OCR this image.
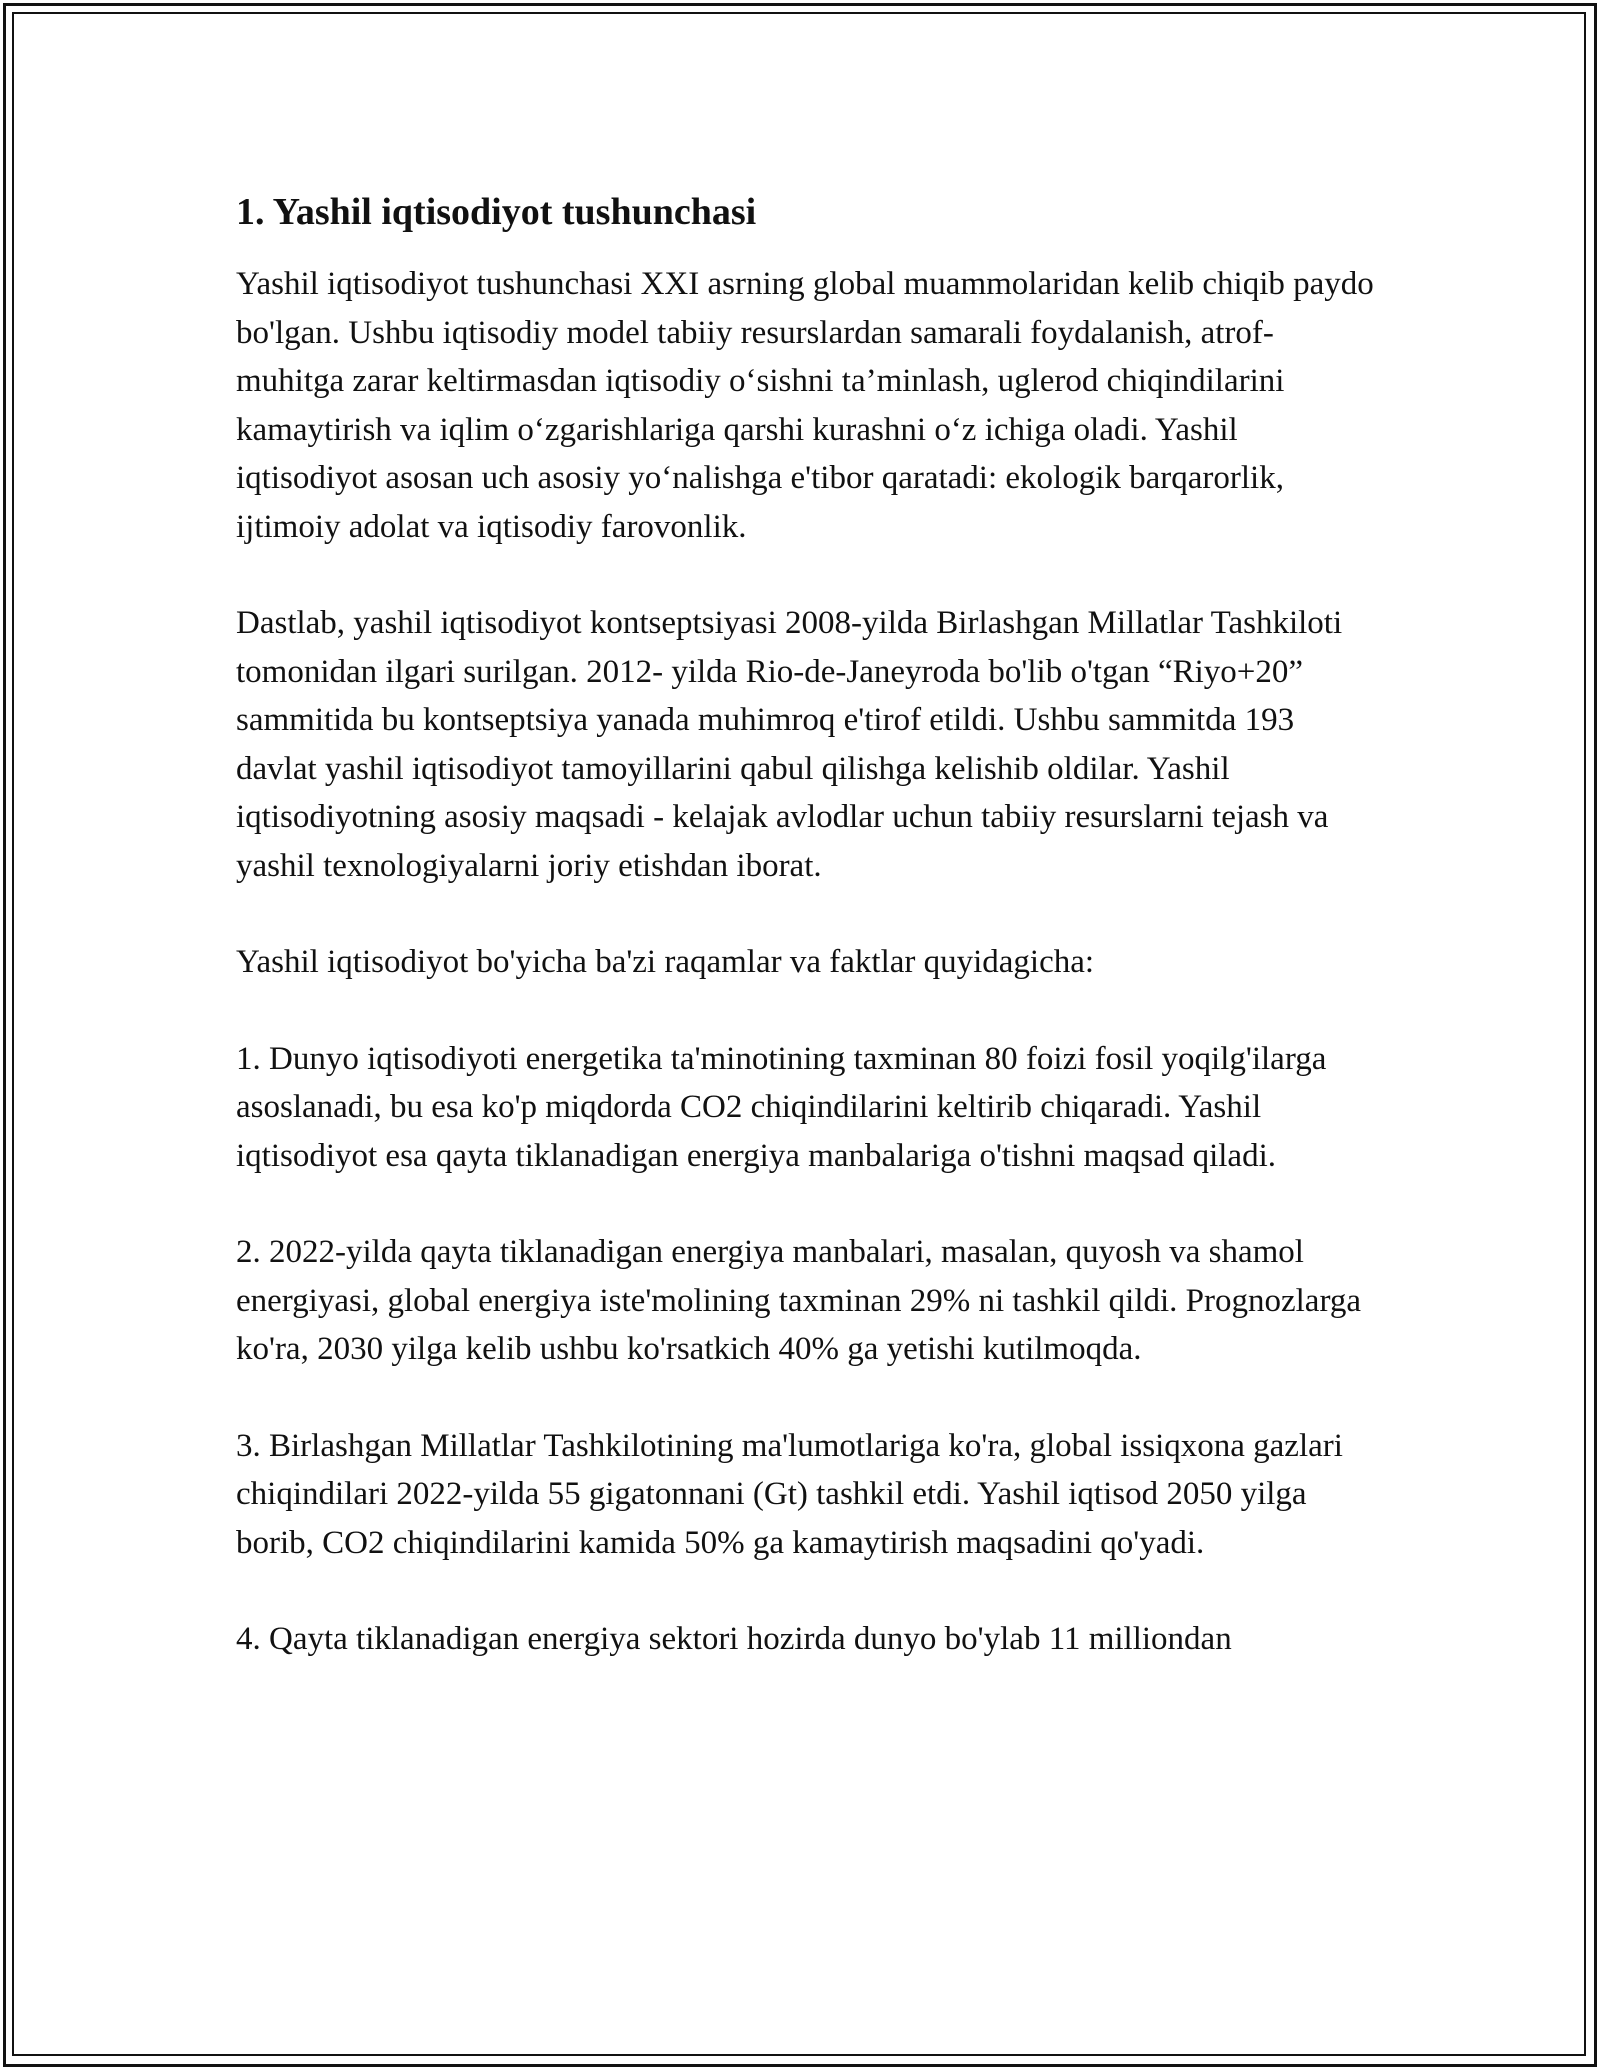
1. Yashil iqtisodiyot tushunchasi

Yashil iqtisodiyot tushunchasi XXI asrning global muammolaridan kelib chiqib paydo bo'lgan. Ushbu iqtisodiy model tabiiy resurslardan samarali foydalanish, atrof-muhitga zarar keltirmasdan iqtisodiy o‘sishni ta’minlash, uglerod chiqindilarini kamaytirish va iqlim o‘zgarishlariga qarshi kurashni o‘z ichiga oladi. Yashil iqtisodiyot asosan uch asosiy yo‘nalishga e'tibor qaratadi: ekologik barqarorlik, ijtimoiy adolat va iqtisodiy farovonlik.

Dastlab, yashil iqtisodiyot kontseptsiyasi 2008-yilda Birlashgan Millatlar Tashkiloti tomonidan ilgari surilgan. 2012- yilda Rio-de-Janeyroda bo'lib o'tgan “Riyo+20” sammitida bu kontseptsiya yanada muhimroq e'tirof etildi. Ushbu sammitda 193 davlat yashil iqtisodiyot tamoyillarini qabul qilishga kelishib oldilar. Yashil iqtisodiyotning asosiy maqsadi - kelajak avlodlar uchun tabiiy resurslarni tejash va yashil texnologiyalarni joriy etishdan iborat.

Yashil iqtisodiyot bo'yicha ba'zi raqamlar va faktlar quyidagicha:

1. Dunyo iqtisodiyoti energetika ta'minotining taxminan 80 foizi fosil yoqilg'ilarga asoslanadi, bu esa ko'p miqdorda CO2 chiqindilarini keltirib chiqaradi. Yashil iqtisodiyot esa qayta tiklanadigan energiya manbalariga o'tishni maqsad qiladi.

2. 2022-yilda qayta tiklanadigan energiya manbalari, masalan, quyosh va shamol energiyasi, global energiya iste'molining taxminan 29% ni tashkil qildi. Prognozlarga ko'ra, 2030 yilga kelib ushbu ko'rsatkich 40% ga yetishi kutilmoqda.

3. Birlashgan Millatlar Tashkilotining ma'lumotlariga ko'ra, global issiqxona gazlari chiqindilari 2022-yilda 55 gigatonnani (Gt) tashkil etdi. Yashil iqtisod 2050 yilga borib, CO2 chiqindilarini kamida 50% ga kamaytirish maqsadini qo'yadi.

4. Qayta tiklanadigan energiya sektori hozirda dunyo bo'ylab 11 milliondan
